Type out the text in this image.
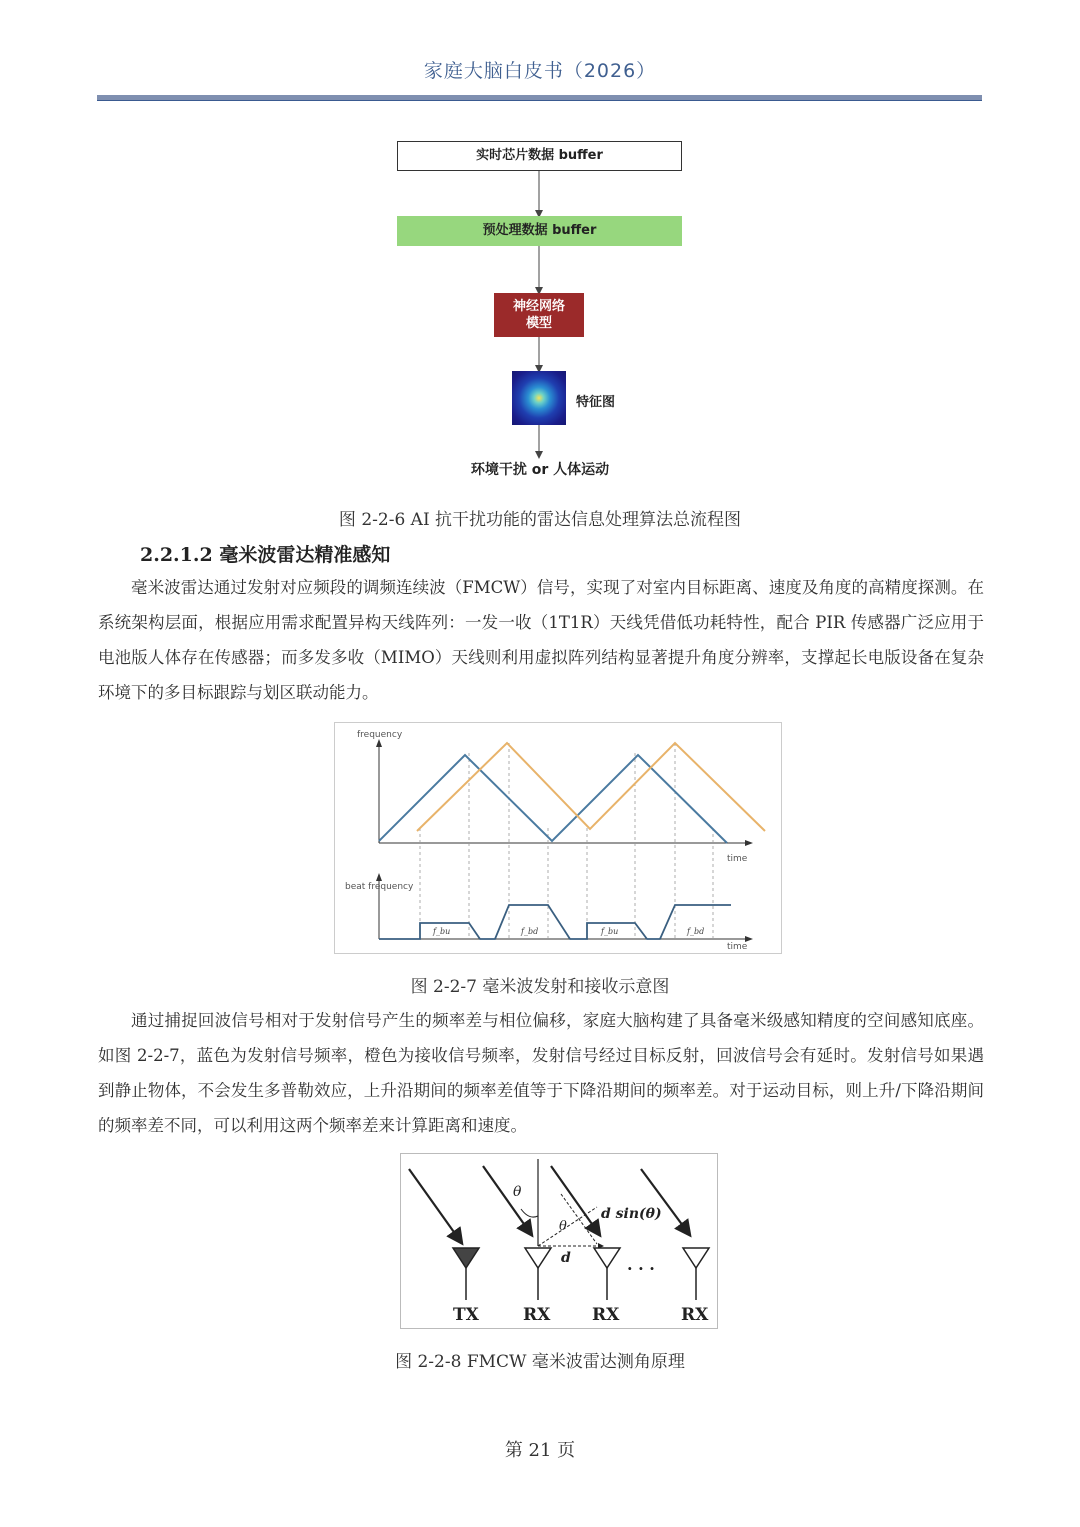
家庭大脑白皮书（2026）
实时芯片数据 buffer
预处理数据 buffer
神经网络
模型
特征图
环境干扰 or 人体运动
图 2-2-6 AI 抗干扰功能的雷达信息处理算法总流程图
2.2.1.2 毫米波雷达精准感知

毫米波雷达通过发射对应频段的调频连续波（FMCW）信号，实现了对室内目标距离、速度及角度的高精度探测。在系统架构层面，根据应用需求配置异构天线阵列：一发一收（1T1R）天线凭借低功耗特性，配合 PIR 传感器广泛应用于电池版人体存在传感器；而多发多收（MIMO）天线则利用虚拟阵列结构显著提升角度分辨率，支撑起长电版设备在复杂环境下的多目标跟踪与划区联动能力。

frequency
time
beat frequency
time
f_bu	f_bd	f_bu	f_bd
图 2-2-7 毫米波发射和接收示意图

通过捕捉回波信号相对于发射信号产生的频率差与相位偏移，家庭大脑构建了具备毫米级感知精度的空间感知底座。如图 2-2-7，蓝色为发射信号频率，橙色为接收信号频率，发射信号经过目标反射，回波信号会有延时。发射信号如果遇到静止物体，不会发生多普勒效应，上升沿期间的频率差值等于下降沿期间的频率差。对于运动目标，则上升/下降沿期间的频率差不同，可以利用这两个频率差来计算距离和速度。

θ
θ
d sin(θ)
d
· · ·
TX	RX RX	RX
图 2-2-8 FMCW 毫米波雷达测角原理
第 21 页
